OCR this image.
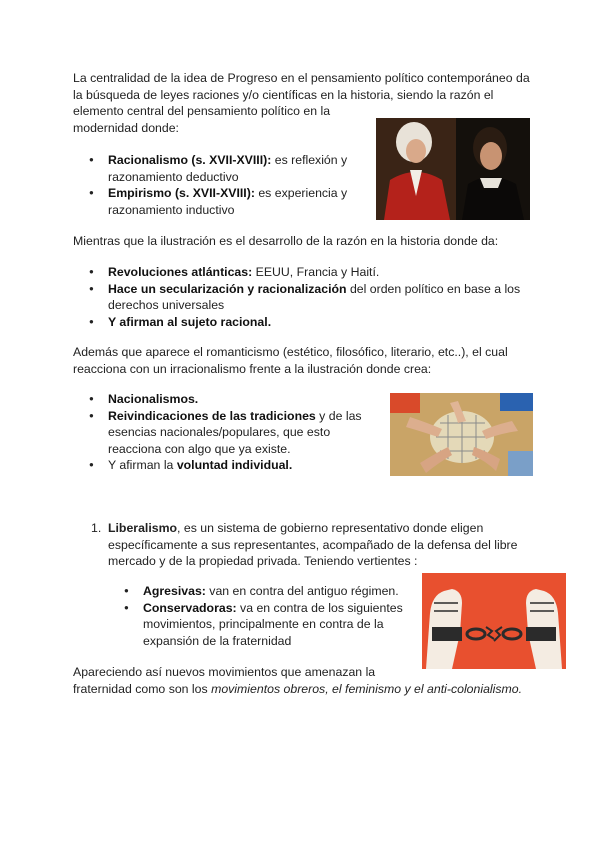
La centralidad de la idea de Progreso en el pensamiento político contemporáneo da

la búsqueda de leyes raciones y/o científicas en la historia, siendo la razón el

elemento central del pensamiento político en la

modernidad donde:

● Racionalismo (s. XVII-XVIII): es reflexión y
razonamiento deductivo
● Empirismo (s. XVII-XVIII): es experiencia y
razonamiento inductivo

Mientras que la ilustración es el desarrollo de la razón en la historia donde da:

● Revoluciones atlánticas: EEUU, Francia y Haití.
● Hace un secularización y racionalización del orden político en base a los
derechos universales
● Y afirman al sujeto racional.

Además que aparece el romanticismo (estético, filosófico, literario, etc..), el cual

reacciona con un irracionalismo frente a la ilustración donde crea:

● Nacionalismos.
● Reivindicaciones de las tradiciones y de las
esencias nacionales/populares, que esto
reacciona con algo que ya existe.
● Y afirman la voluntad individual.
1. Liberalismo, es un sistema de gobierno representativo donde eligen
específicamente a sus representantes, acompañado de la defensa del libre
mercado y de la propiedad privada. Teniendo vertientes :
● Agresivas: van en contra del antiguo régimen.
● Conservadoras: va en contra de los siguientes
movimientos, principalmente en contra de la
expansión de la fraternidad

Apareciendo así nuevos movimientos que amenazan la

fraternidad como son los movimientos obreros, el feminismo y el anti-colonialismo.
